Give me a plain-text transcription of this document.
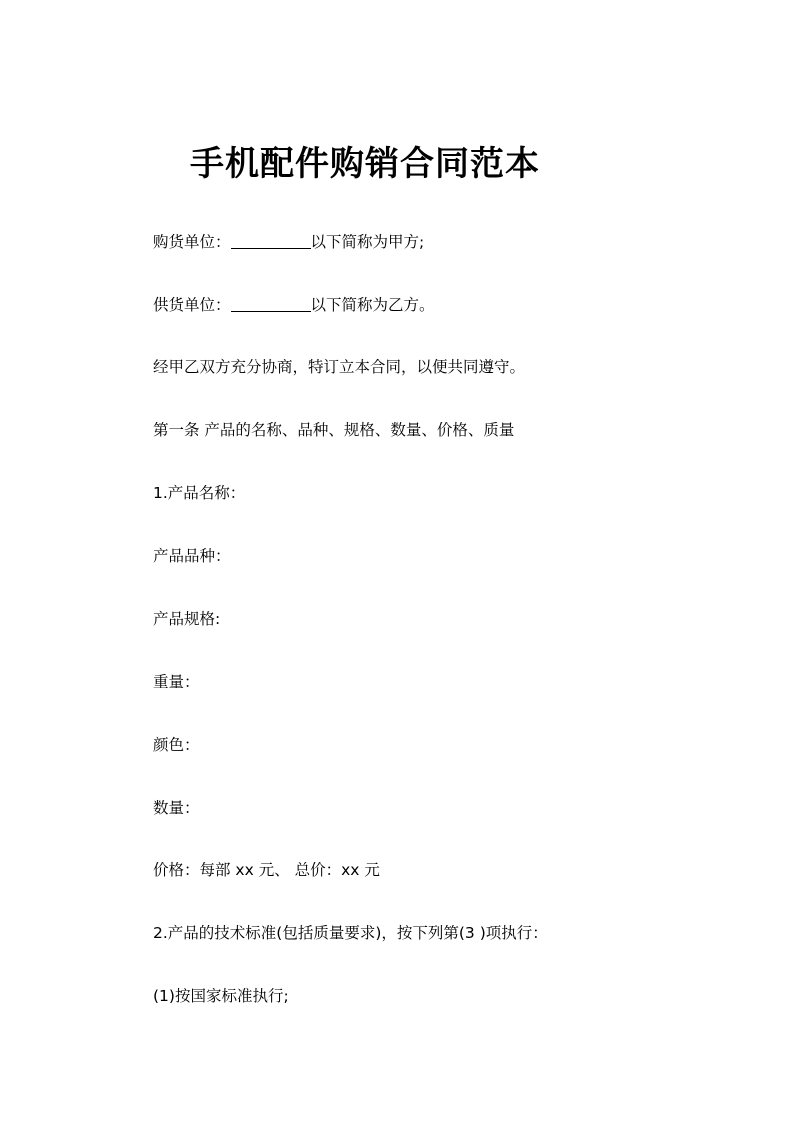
手机配件购销合同范本

购货单位：	以下简称为甲方;

供货单位：	以下简称为乙方。

经甲乙双方充分协商，特订立本合同，以便共同遵守。

第一条 产品的名称、品种、规格、数量、价格、质量

1.产品名称：

产品品种：

产品规格:

重量：

颜色：

数量：

价格：每部 xx 元、 总价：xx 元

2.产品的技术标准(包括质量要求)，按下列第(3 )项执行：

(1)按国家标准执行;
